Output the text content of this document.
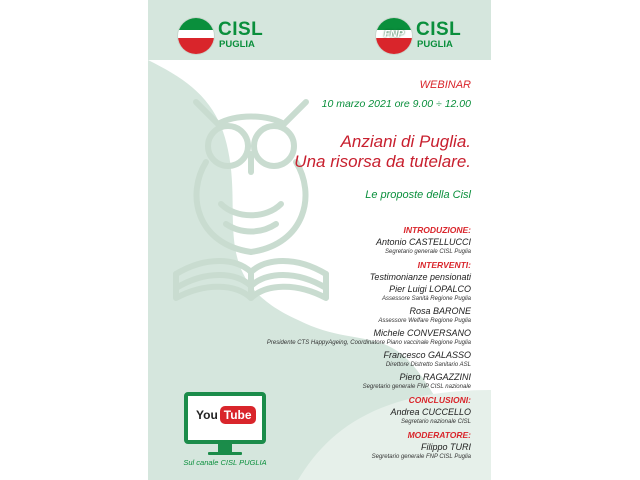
CISL
PUGLIA
FNP CISL
PUGLIA
WEBINAR
10 marzo 2021 ore 9.00 ÷ 12.00
Anziani di Puglia.
Una risorsa da tutelare.
Le proposte della Cisl
INTRODUZIONE:
Antonio CASTELLUCCI
Segretario generale CISL Puglia
INTERVENTI:
Testimonianze pensionati
Pier Luigi LOPALCO
Assessore Sanità Regione Puglia
Rosa BARONE
Assessore Welfare Regione Puglia
Michele CONVERSANO
Presidente CTS HappyAgeing, Coordinatore Piano vaccinale Regione Puglia
Francesco GALASSO
Direttore Distretto Sanitario ASL
Piero RAGAZZINI
Segretario generale FNP CISL nazionale
CONCLUSIONI:
Andrea CUCCELLO
Segretario nazionale CISL
MODERATORE:
Filippo TURI
Segretario generale FNP CISL Puglia
You Tube
Sul canale CISL PUGLIA
